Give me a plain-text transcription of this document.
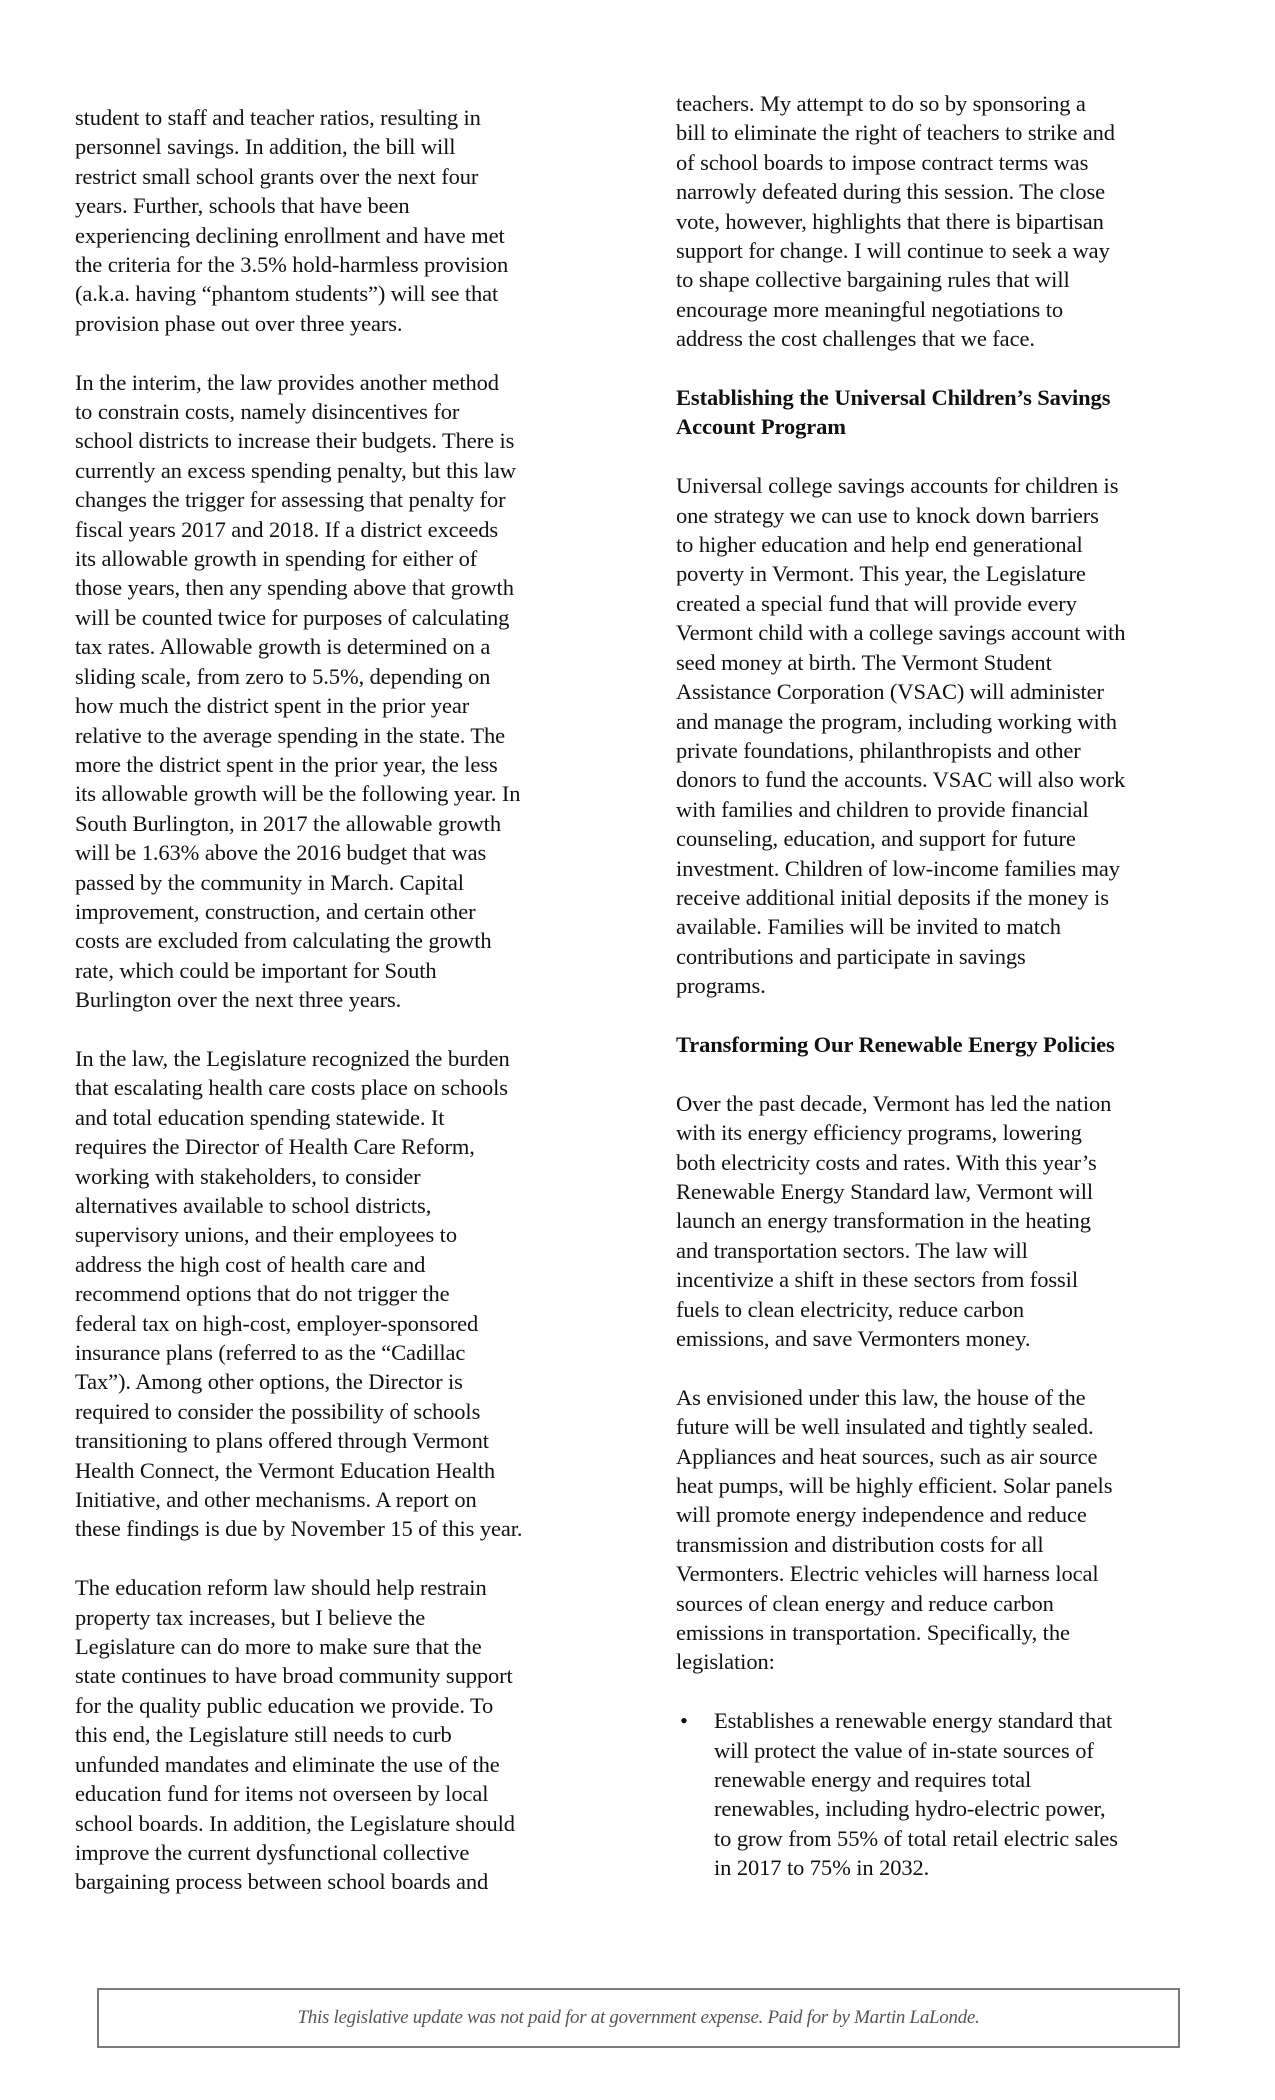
student to staff and teacher ratios, resulting in
personnel savings. In addition, the bill will
restrict small school grants over the next four
years. Further, schools that have been
experiencing declining enrollment and have met
the criteria for the 3.5% hold-harmless provision
(a.k.a. having “phantom students”) will see that
provision phase out over three years.
In the interim, the law provides another method
to constrain costs, namely disincentives for
school districts to increase their budgets. There is
currently an excess spending penalty, but this law
changes the trigger for assessing that penalty for
fiscal years 2017 and 2018. If a district exceeds
its allowable growth in spending for either of
those years, then any spending above that growth
will be counted twice for purposes of calculating
tax rates. Allowable growth is determined on a
sliding scale, from zero to 5.5%, depending on
how much the district spent in the prior year
relative to the average spending in the state. The
more the district spent in the prior year, the less
its allowable growth will be the following year. In
South Burlington, in 2017 the allowable growth
will be 1.63% above the 2016 budget that was
passed by the community in March. Capital
improvement, construction, and certain other
costs are excluded from calculating the growth
rate, which could be important for South
Burlington over the next three years.
In the law, the Legislature recognized the burden
that escalating health care costs place on schools
and total education spending statewide. It
requires the Director of Health Care Reform,
working with stakeholders, to consider
alternatives available to school districts,
supervisory unions, and their employees to
address the high cost of health care and
recommend options that do not trigger the
federal tax on high-cost, employer-sponsored
insurance plans (referred to as the “Cadillac
Tax”). Among other options, the Director is
required to consider the possibility of schools
transitioning to plans offered through Vermont
Health Connect, the Vermont Education Health
Initiative, and other mechanisms. A report on
these findings is due by November 15 of this year.
The education reform law should help restrain
property tax increases, but I believe the
Legislature can do more to make sure that the
state continues to have broad community support
for the quality public education we provide. To
this end, the Legislature still needs to curb
unfunded mandates and eliminate the use of the
education fund for items not overseen by local
school boards. In addition, the Legislature should
improve the current dysfunctional collective
bargaining process between school boards and
teachers. My attempt to do so by sponsoring a
bill to eliminate the right of teachers to strike and
of school boards to impose contract terms was
narrowly defeated during this session. The close
vote, however, highlights that there is bipartisan
support for change. I will continue to seek a way
to shape collective bargaining rules that will
encourage more meaningful negotiations to
address the cost challenges that we face.
Establishing the Universal Children’s Savings
Account Program
Universal college savings accounts for children is
one strategy we can use to knock down barriers
to higher education and help end generational
poverty in Vermont. This year, the Legislature
created a special fund that will provide every
Vermont child with a college savings account with
seed money at birth. The Vermont Student
Assistance Corporation (VSAC) will administer
and manage the program, including working with
private foundations, philanthropists and other
donors to fund the accounts. VSAC will also work
with families and children to provide financial
counseling, education, and support for future
investment. Children of low-income families may
receive additional initial deposits if the money is
available. Families will be invited to match
contributions and participate in savings
programs.
Transforming Our Renewable Energy Policies
Over the past decade, Vermont has led the nation
with its energy efficiency programs, lowering
both electricity costs and rates. With this year’s
Renewable Energy Standard law, Vermont will
launch an energy transformation in the heating
and transportation sectors. The law will
incentivize a shift in these sectors from fossil
fuels to clean electricity, reduce carbon
emissions, and save Vermonters money.
As envisioned under this law, the house of the
future will be well insulated and tightly sealed.
Appliances and heat sources, such as air source
heat pumps, will be highly efficient. Solar panels
will promote energy independence and reduce
transmission and distribution costs for all
Vermonters. Electric vehicles will harness local
sources of clean energy and reduce carbon
emissions in transportation. Specifically, the
legislation:
• Establishes a renewable energy standard that
will protect the value of in-state sources of
renewable energy and requires total
renewables, including hydro-electric power,
to grow from 55% of total retail electric sales
in 2017 to 75% in 2032.
This legislative update was not paid for at government expense. Paid for by Martin LaLonde.
